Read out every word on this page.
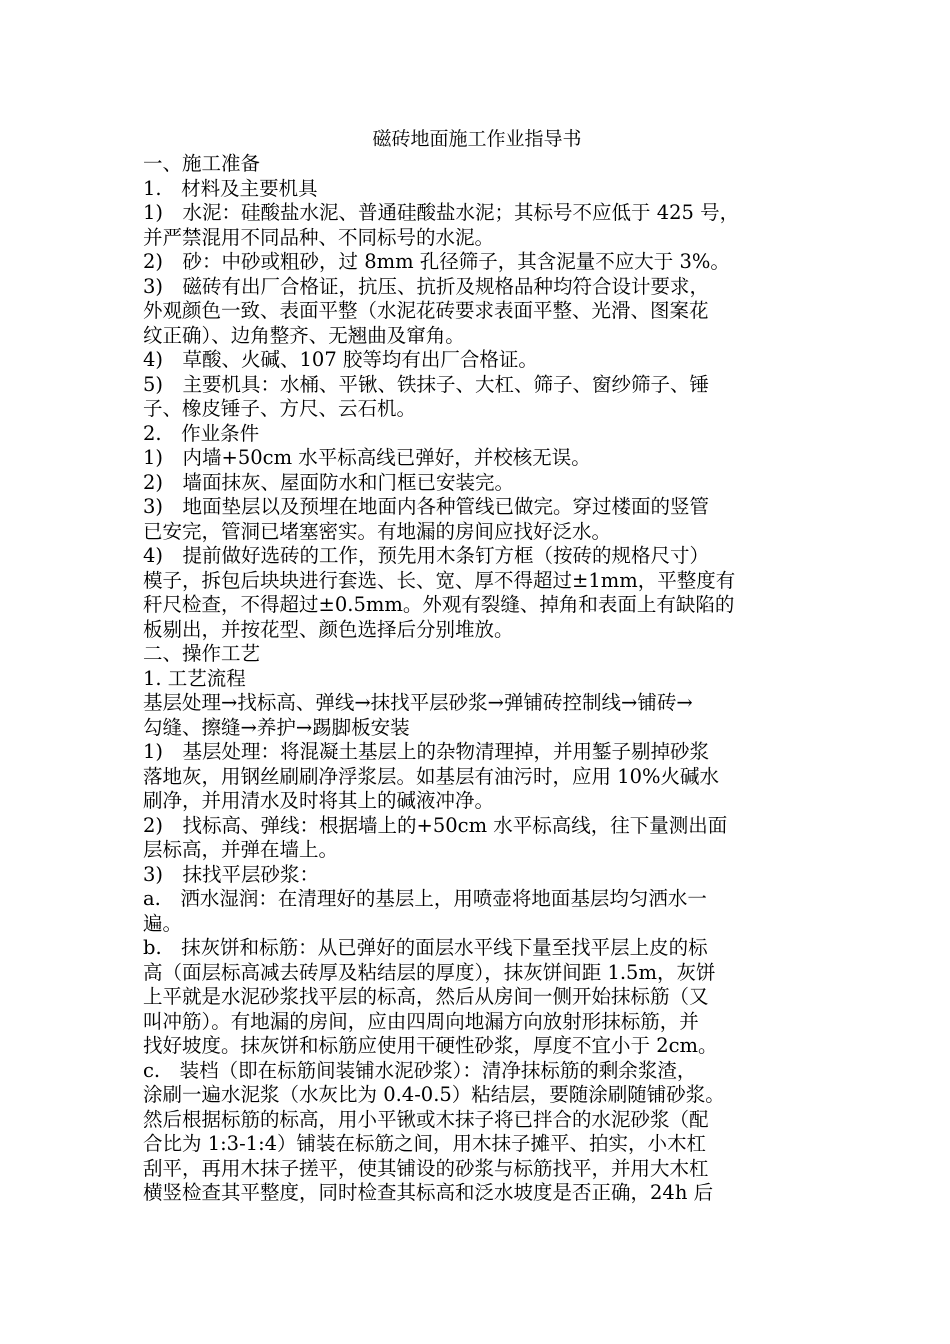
磁砖地面施工作业指导书

一、施工准备

1.　材料及主要机具

1)　水泥：硅酸盐水泥、普通硅酸盐水泥；其标号不应低于 425 号，

并严禁混用不同品种、不同标号的水泥。

2)　砂：中砂或粗砂，过 8mm 孔径筛子，其含泥量不应大于 3%。

3)　磁砖有出厂合格证，抗压、抗折及规格品种均符合设计要求，

外观颜色一致、表面平整（水泥花砖要求表面平整、光滑、图案花

纹正确）、边角整齐、无翘曲及窜角。

4)　草酸、火碱、107 胶等均有出厂合格证。

5)　主要机具：水桶、平锹、铁抹子、大杠、筛子、窗纱筛子、锤

子、橡皮锤子、方尺、云石机。

2.　作业条件

1)　内墙+50cm 水平标高线已弹好，并校核无误。

2)　墙面抹灰、屋面防水和门框已安装完。

3)　地面垫层以及预埋在地面内各种管线已做完。穿过楼面的竖管

已安完，管洞已堵塞密实。有地漏的房间应找好泛水。

4)　提前做好选砖的工作，预先用木条钉方框（按砖的规格尺寸）

模子，拆包后块块进行套选、长、宽、厚不得超过±1mm，平整度有

秆尺检查，不得超过±0.5mm。外观有裂缝、掉角和表面上有缺陷的

板剔出，并按花型、颜色选择后分别堆放。

二、操作工艺

1. 工艺流程

基层处理→找标高、弹线→抹找平层砂浆→弹铺砖控制线→铺砖→

勾缝、擦缝→养护→踢脚板安装

1)　基层处理：将混凝土基层上的杂物清理掉，并用錾子剔掉砂浆

落地灰，用钢丝刷刷净浮浆层。如基层有油污时，应用 10%火碱水

刷净，并用清水及时将其上的碱液冲净。

2)　找标高、弹线：根据墙上的+50cm 水平标高线，往下量测出面

层标高，并弹在墙上。

3)　抹找平层砂浆：

a.　洒水湿润：在清理好的基层上，用喷壶将地面基层均匀洒水一

遍。

b.　抹灰饼和标筋：从已弹好的面层水平线下量至找平层上皮的标

高（面层标高减去砖厚及粘结层的厚度），抹灰饼间距 1.5m，灰饼

上平就是水泥砂浆找平层的标高，然后从房间一侧开始抹标筋（又

叫冲筋）。有地漏的房间，应由四周向地漏方向放射形抹标筋，并

找好坡度。抹灰饼和标筋应使用干硬性砂浆，厚度不宜小于 2cm。

c.　装档（即在标筋间装铺水泥砂浆）：清净抹标筋的剩余浆渣，

涂刷一遍水泥浆（水灰比为 0.4-0.5）粘结层，要随涂刷随铺砂浆。

然后根据标筋的标高，用小平锹或木抹子将已拌合的水泥砂浆（配

合比为 1:3-1:4）铺装在标筋之间，用木抹子摊平、拍实，小木杠

刮平，再用木抹子搓平，使其铺设的砂浆与标筋找平，并用大木杠

横竖检查其平整度，同时检查其标高和泛水坡度是否正确，24h 后
